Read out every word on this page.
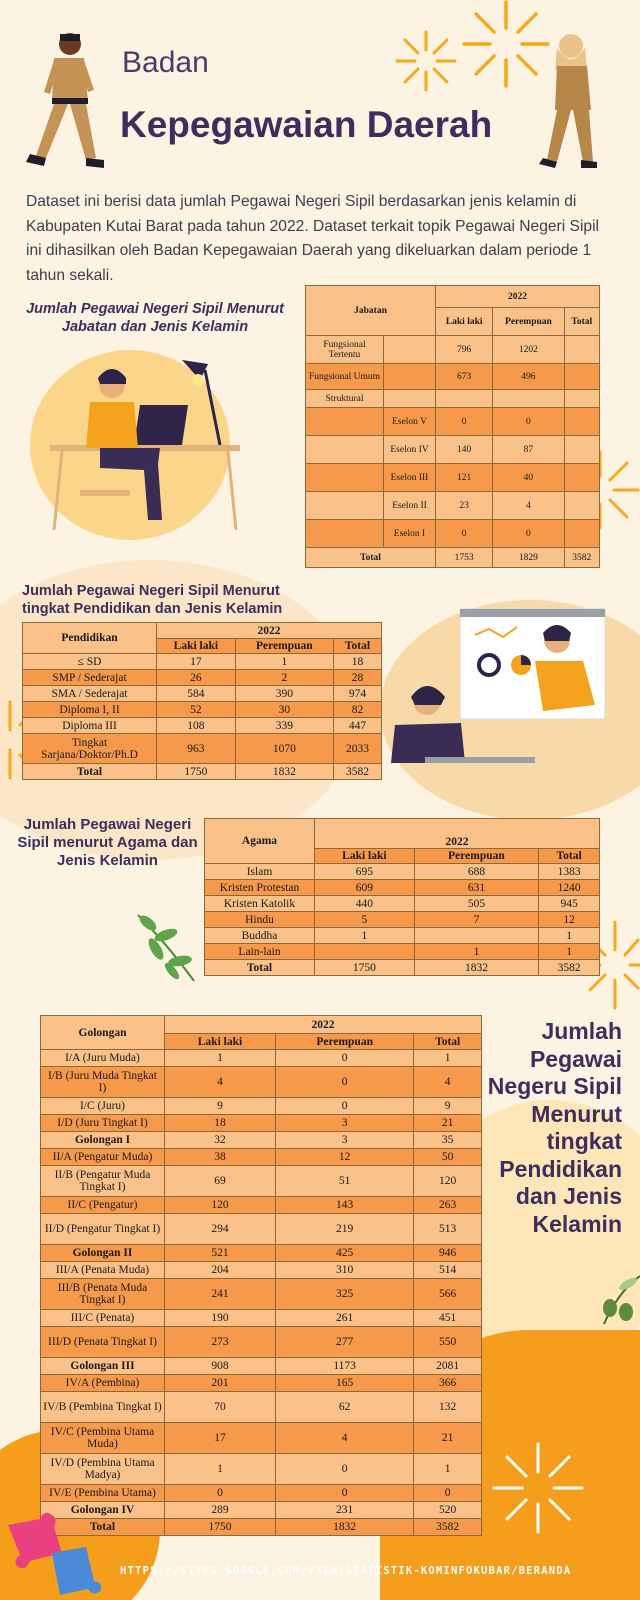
Badan
Kepegawaian Daerah
Dataset ini berisi data jumlah Pegawai Negeri Sipil berdasarkan jenis kelamin di Kabupaten Kutai Barat pada tahun 2022. Dataset terkait topik Pegawai Negeri Sipil ini dihasilkan oleh Badan Kepegawaian Daerah yang dikeluarkan dalam periode 1 tahun sekali.
Jumlah Pegawai Negeri Sipil Menurut Jabatan dan Jenis Kelamin
Jabatan		2022		
		Laki laki	Perempuan	Total
Fungsional Tertentu		796	1202	
Fungsional Umum		673	496	
Struktural				
	Eselon V	0	0	
	Eselon IV	140	87	
	Eselon III	121	40	
	Eselon II	23	4	
	Eselon I	0	0	
Total		1753	1829	3582
Jumlah Pegawai Negeri Sipil Menurut tingkat Pendidikan dan Jenis Kelamin
Pendidikan	2022		
	Laki laki	Perempuan	Total
≤ SD	17	1	18
SMP / Sederajat	26	2	28
SMA / Sederajat	584	390	974
Diploma I, II	52	30	82
Diploma III	108	339	447
Tingkat Sarjana/Doktor/Ph.D	963	1070	2033
Total	1750	1832	3582
Jumlah Pegawai Negeri Sipil menurut Agama dan Jenis Kelamin
Agama	2022		
	Laki laki	Perempuan	Total
Islam	695	688	1383
Kristen Protestan	609	631	1240
Kristen Katolik	440	505	945
Hindu	5	7	12
Buddha	1		1
Lain-lain		1	1
Total	1750	1832	3582
Golongan	2022		
	Laki laki	Perempuan	Total
I/A (Juru Muda)	1	0	1
I/B (Juru Muda Tingkat I)	4	0	4
I/C (Juru)	9	0	9
I/D (Juru Tingkat I)	18	3	21
Golongan I	32	3	35
II/A (Pengatur Muda)	38	12	50
II/B (Pengatur Muda Tingkat I)	69	51	120
II/C (Pengatur)	120	143	263
II/D (Pengatur Tingkat I)	294	219	513
Golongan II	521	425	946
III/A (Penata Muda)	204	310	514
III/B (Penata Muda Tingkat I)	241	325	566
III/C (Penata)	190	261	451
III/D (Penata Tingkat I)	273	277	550
Golongan III	908	1173	2081
IV/A (Pembina)	201	165	366
IV/B (Pembina Tingkat I)	70	62	132
IV/C (Pembina Utama Muda)	17	4	21
IV/D (Pembina Utama Madya)	1	0	1
IV/E (Pembina Utama)	0	0	0
Golongan IV	289	231	520
Total	1750	1832	3582
Jumlah Pegawai Negeru Sipil Menurut tingkat Pendidikan dan Jenis Kelamin
HTTPS://SITES.GOOGLE.COM/VIEW/STATISTIK-KOMINFOKUBAR/BERANDA
